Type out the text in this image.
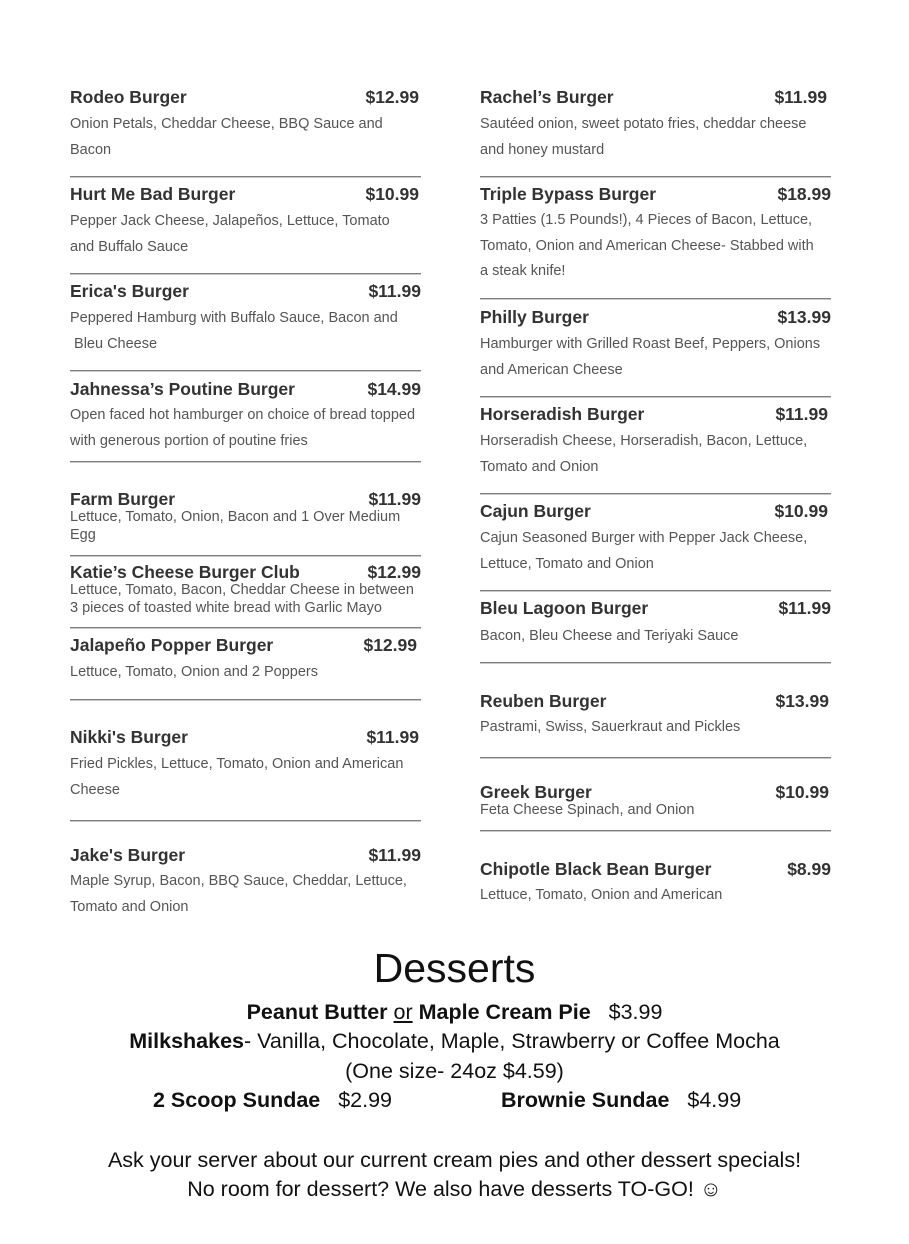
Rodeo Burger	$12.99
Onion Petals, Cheddar Cheese, BBQ Sauce and
Bacon
Hurt Me Bad Burger	$10.99
Pepper Jack Cheese, Jalapeños, Lettuce, Tomato
and Buffalo Sauce
Erica's Burger	$11.99
Peppered Hamburg with Buffalo Sauce, Bacon and
Bleu Cheese
Jahnessa’s Poutine Burger	$14.99
Open faced hot hamburger on choice of bread topped
with generous portion of poutine fries
Farm Burger	$11.99
Lettuce, Tomato, Onion, Bacon and 1 Over Medium
Egg
Katie’s Cheese Burger Club	$12.99
Lettuce, Tomato, Bacon, Cheddar Cheese in between
3 pieces of toasted white bread with Garlic Mayo
Jalapeño Popper Burger	$12.99
Lettuce, Tomato, Onion and 2 Poppers
Nikki's Burger	$11.99
Fried Pickles, Lettuce, Tomato, Onion and American
Cheese
Jake's Burger	$11.99
Maple Syrup, Bacon, BBQ Sauce, Cheddar, Lettuce,
Tomato and Onion
Rachel’s Burger	$11.99
Sautéed onion, sweet potato fries, cheddar cheese
and honey mustard
Triple Bypass Burger	$18.99
3 Patties (1.5 Pounds!), 4 Pieces of Bacon, Lettuce,
Tomato, Onion and American Cheese- Stabbed with
a steak knife!
Philly Burger	$13.99
Hamburger with Grilled Roast Beef, Peppers, Onions
and American Cheese
Horseradish Burger	$11.99
Horseradish Cheese, Horseradish, Bacon, Lettuce,
Tomato and Onion
Cajun Burger	$10.99
Cajun Seasoned Burger with Pepper Jack Cheese,
Lettuce, Tomato and Onion
Bleu Lagoon Burger	$11.99
Bacon, Bleu Cheese and Teriyaki Sauce
Reuben Burger	$13.99
Pastrami, Swiss, Sauerkraut and Pickles
Greek Burger	$10.99
Feta Cheese Spinach, and Onion
Chipotle Black Bean Burger	$8.99
Lettuce, Tomato, Onion and American
Desserts
Peanut Butter or Maple Cream Pie $3.99
Milkshakes- Vanilla, Chocolate, Maple, Strawberry or Coffee Mocha
(One size- 24oz $4.59)
2 Scoop Sundae $2.99	Brownie Sundae $4.99
Ask your server about our current cream pies and other dessert specials!
No room for dessert? We also have desserts TO-GO! ☺
